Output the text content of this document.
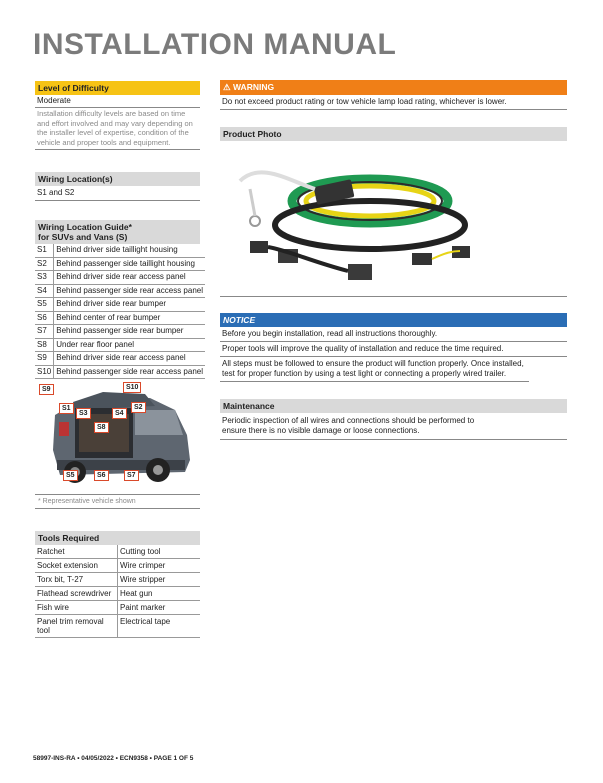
INSTALLATION MANUAL
Level of Difficulty
Moderate
Installation difficulty levels are based on time and effort involved and may vary depending on the installer level of expertise, condition of the vehicle and proper tools and equipment.
Wiring Location(s)
S1 and S2
Wiring Location Guide*
for SUVs and Vans (S)
S1	Behind driver side taillight housing
S2	Behind passenger side taillight housing
S3	Behind driver side rear access panel
S4	Behind passenger side rear access panel
S5	Behind driver side rear bumper
S6	Behind center of rear bumper
S7	Behind passenger side rear bumper
S8	Under rear floor panel
S9	Behind driver side rear access panel
S10	Behind passenger side rear access panel
S9	S10
S1	S2
S3	S4
S8
S5	S6	S7
* Representative vehicle shown
Tools Required
Ratchet	Cutting tool
Socket extension	Wire crimper
Torx bit, T-27	Wire stripper
Flathead screwdriver	Heat gun
Fish wire	Paint marker
Panel trim removal tool	Electrical tape
⚠ WARNING
Do not exceed product rating or tow vehicle lamp load rating, whichever is lower.
Product Photo
NOTICE
Before you begin installation, read all instructions thoroughly.
Proper tools will improve the quality of installation and reduce the time required.
All steps must be followed to ensure the product will function properly. Once installed, test for proper function by using a test light or connecting a properly wired trailer.
Maintenance
Periodic inspection of all wires and connections should be performed to ensure there is no visible damage or loose connections.
58997-INS-RA • 04/05/2022 • ECN9358 • PAGE 1 OF 5
